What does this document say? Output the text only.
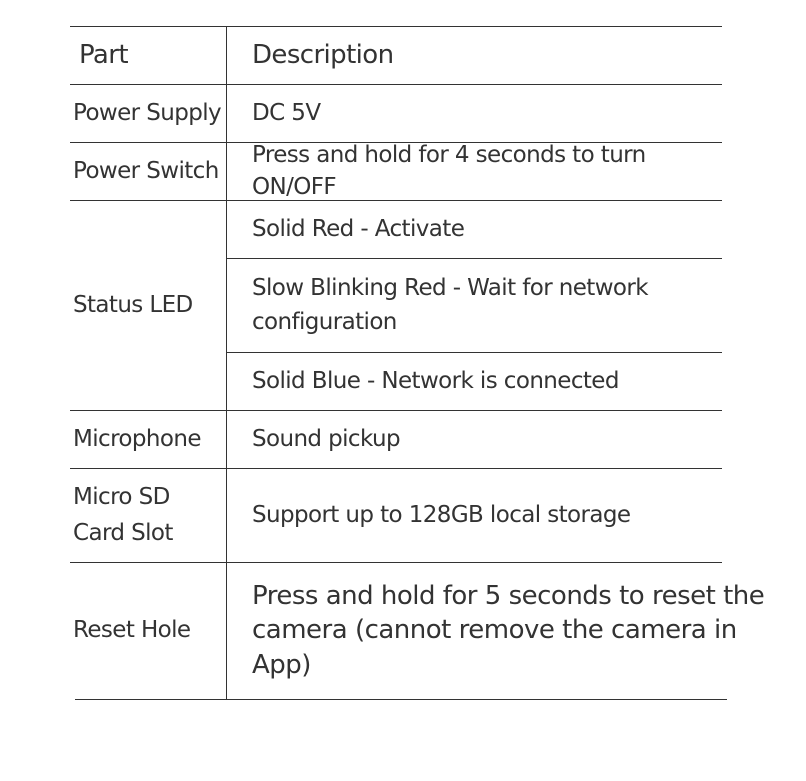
Part	Description
Power Supply DC 5V
Power Switch
Press and hold for 4 seconds to turn ON/OFF
Status LED
Solid Red - Activate
Slow Blinking Red - Wait for network configuration
Solid Blue - Network is connected
Microphone Sound pickup
Micro SD Card Slot
Support up to 128GB local storage
Reset Hole
Press and hold for 5 seconds to reset the camera (cannot remove the camera in App)
